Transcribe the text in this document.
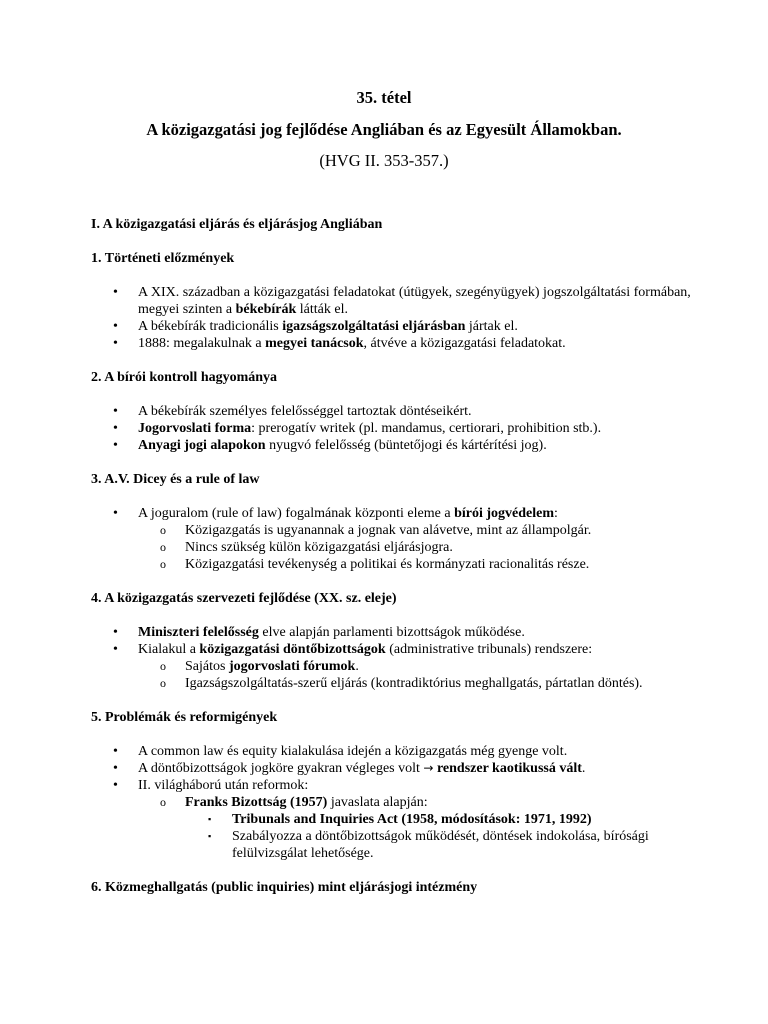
35. tétel
A közigazgatási jog fejlődése Angliában és az Egyesült Államokban.
(HVG II. 353-357.)

I. A közigazgatási eljárás és eljárásjog Angliában

1. Történeti előzmények

• A XIX. században a közigazgatási feladatokat (útügyek, szegényügyek) jogszolgáltatási formában, megyei szinten a békebírák látták el.
• A békebírák tradicionális igazságszolgáltatási eljárásban jártak el.
• 1888: megalakulnak a megyei tanácsok, átvéve a közigazgatási feladatokat.

2. A bírói kontroll hagyománya

• A békebírák személyes felelősséggel tartoztak döntéseikért.
• Jogorvoslati forma: prerogatív writek (pl. mandamus, certiorari, prohibition stb.).
• Anyagi jogi alapokon nyugvó felelősség (büntetőjogi és kártérítési jog).

3. A.V. Dicey és a rule of law

• A joguralom (rule of law) fogalmának központi eleme a bírói jogvédelem:
o Közigazgatás is ugyanannak a jognak van alávetve, mint az állampolgár.
o Nincs szükség külön közigazgatási eljárásjogra.
o Közigazgatási tevékenység a politikai és kormányzati racionalitás része.

4. A közigazgatás szervezeti fejlődése (XX. sz. eleje)

• Miniszteri felelősség elve alapján parlamenti bizottságok működése.
• Kialakul a közigazgatási döntőbizottságok (administrative tribunals) rendszere:
o Sajátos jogorvoslati fórumok.
o Igazságszolgáltatás-szerű eljárás (kontradiktórius meghallgatás, pártatlan döntés).

5. Problémák és reformigények

• A common law és equity kialakulása idején a közigazgatás még gyenge volt.
• A döntőbizottságok jogköre gyakran végleges volt → rendszer kaotikussá vált.
• II. világháború után reformok:
o Franks Bizottság (1957) javaslata alapján:
▪ Tribunals and Inquiries Act (1958, módosítások: 1971, 1992)
▪ Szabályozza a döntőbizottságok működését, döntések indokolása, bírósági felülvizsgálat lehetősége.

6. Közmeghallgatás (public inquiries) mint eljárásjogi intézmény
